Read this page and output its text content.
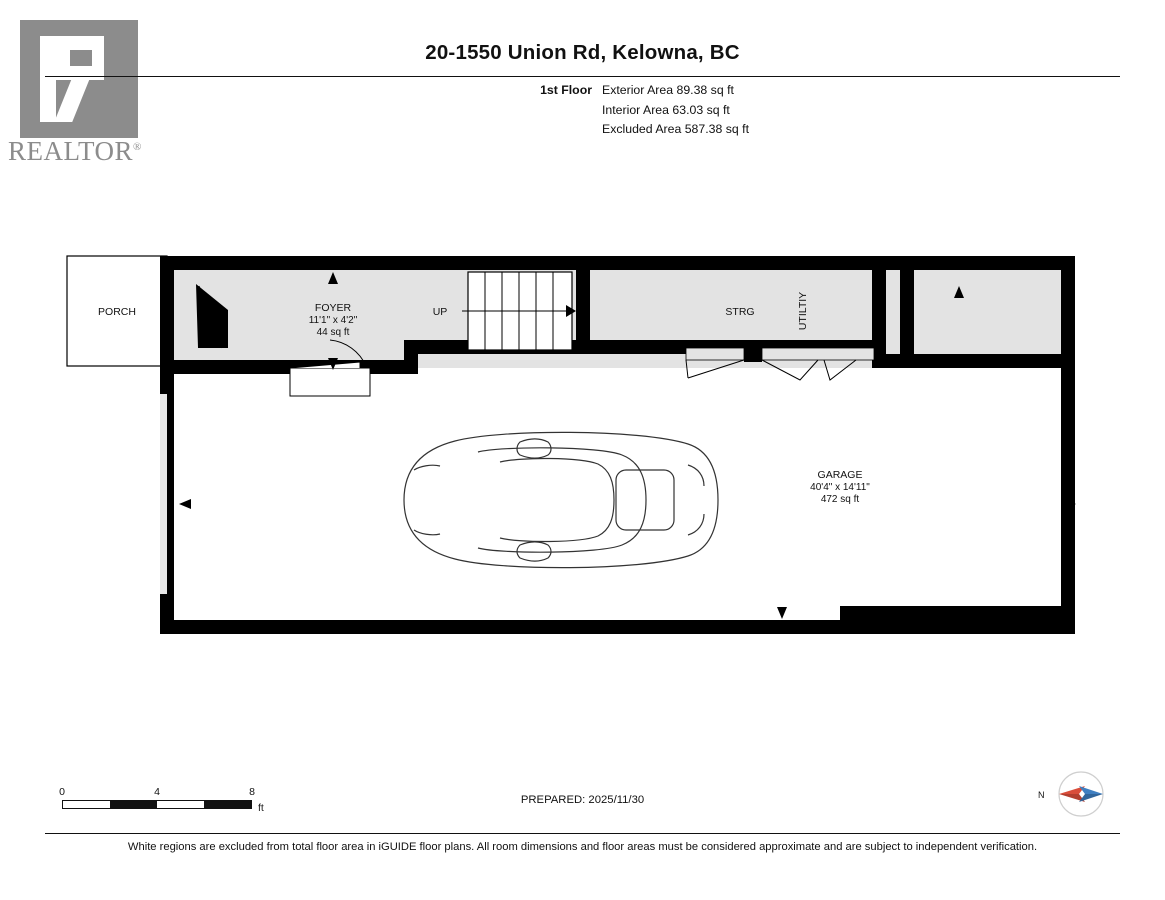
REALTOR®
20-1550 Union Rd, Kelowna, BC
1st Floor Exterior Area 89.38 sq ft
Interior Area 63.03 sq ft
Excluded Area 587.38 sq ft
UP
PORCH	FOYER
11'1" x 4'2"
44 sq ft
STRG	UTILTIY
GARAGE
40'4" x 14'11"
472 sq ft
0	4	8
ft
PREPARED: 2025/11/30	N
White regions are excluded from total floor area in iGUIDE floor plans. All room dimensions and floor areas must be considered approximate and are subject to independent verification.
